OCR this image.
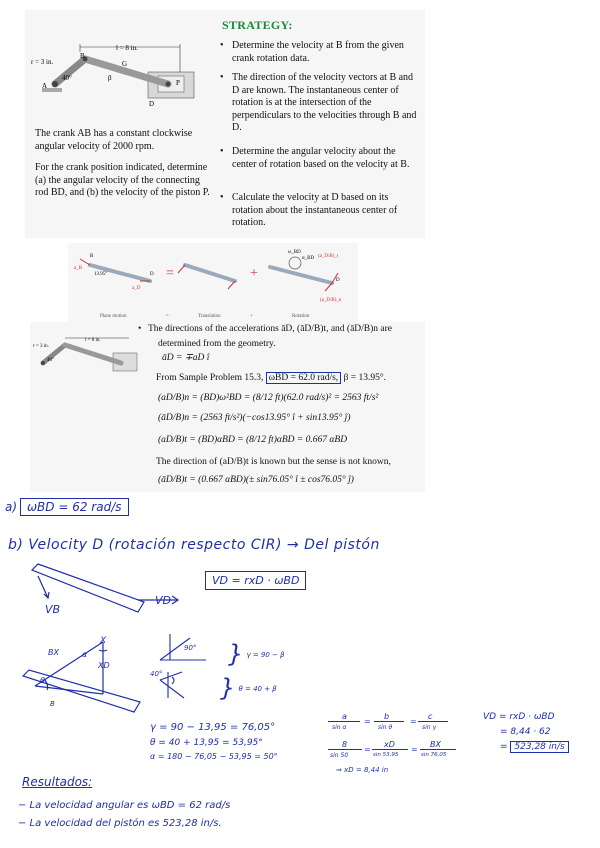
l = 8 in.
r = 3 in.
40°
B
G
A
β
D
P
The crank AB has a constant clockwise angular velocity of 2000 rpm.
For the crank position indicated, determine (a) the angular velocity of the connecting rod BD, and (b) the velocity of the piston P.
STRATEGY:
• Determine the velocity at B from the given crank rotation data.
• The direction of the velocity vectors at B and D are known. The instantaneous center of rotation is at the intersection of the perpendiculars to the velocities through B and D.
• Determine the angular velocity about the center of rotation based on the velocity at B.
• Calculate the velocity at D based on its rotation about the instantaneous center of rotation.
B
D
13.95°
a_B
a_D
=	+
ω_BD
α_BD (a_D/B)_t
(a_D/B)_n
D
Plane motion	=	Translation	+	Rotation
l = 8 in.
r = 3 in.
40°
• The directions of the accelerations āD, (āD/B)t, and (āD/B)n are
determined from the geometry.
āD = ∓aD î
From Sample Problem 15.3, ωBD = 62.0 rad/s, β = 13.95°.
(aD/B)n = (BD)ω²BD = (8/12 ft)(62.0 rad/s)² = 2563 ft/s²
(āD/B)n = (2563 ft/s²)(−cos13.95° î + sin13.95° ĵ)
(aD/B)t = (BD)αBD = (8/12 ft)αBD = 0.667 αBD
The direction of (aD/B)t is known but the sense is not known,
(āD/B)t = (0.667 αBD)(± sin76.05° î ± cos76.05° ĵ)
a) ωBD = 62 rad/s
b) Velocity D (rotación respecto CIR) → Del pistón
VD = rxD · ωBD
VB
VD
BX
X
XD
α
θ
B
90°
40°
} γ = 90 − β
} θ = 40 + β
γ = 90 − 13,95 = 76,05°
θ = 40 + 13,95 = 53,95°
α = 180 − 76,05 − 53,95 = 50°
a
sin α
=
b
sin θ
=
c
sin γ
8
sin 50
=
xD
sin 53,95
=
BX
sin 76,05
⇒ xD = 8,44 in
VD = rxD · ωBD
= 8,44 · 62
= 523,28 in/s
Resultados:
− La velocidad angular es ωBD = 62 rad/s
− La velocidad del pistón es 523,28 in/s.
